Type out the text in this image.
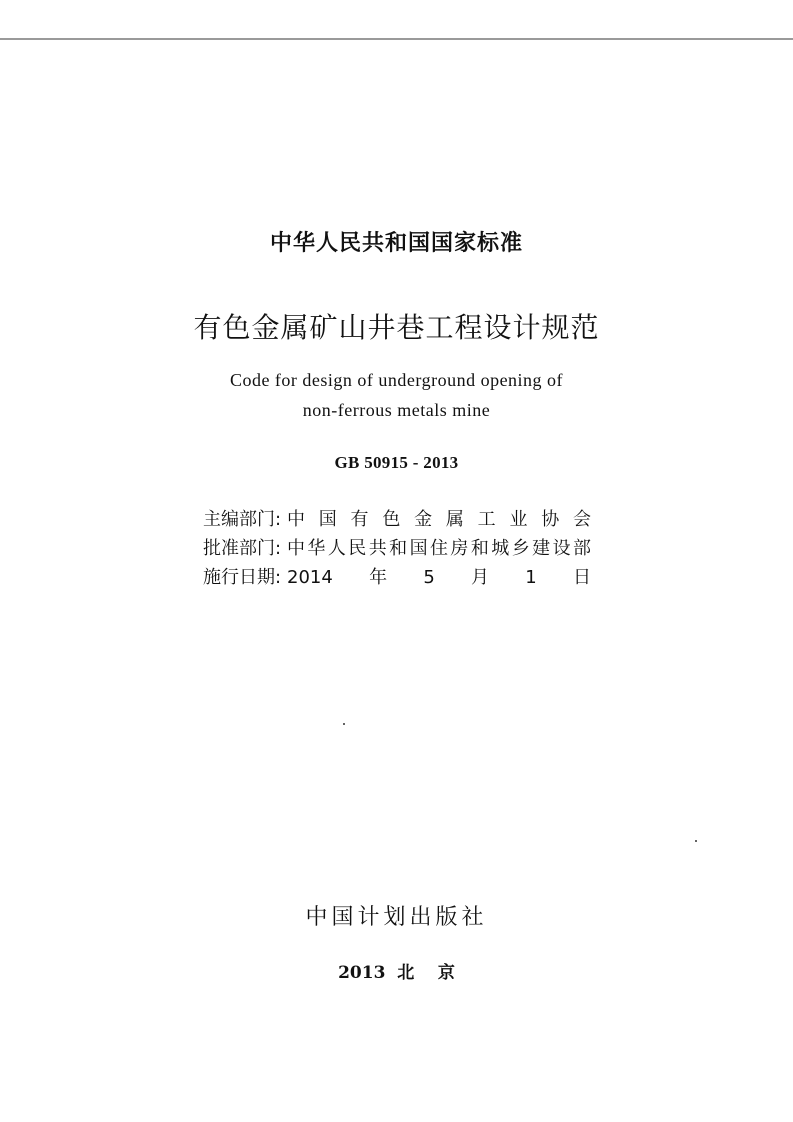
中华人民共和国国家标准
有色金属矿山井巷工程设计规范
Code for design of underground opening of
non-ferrous metals mine
GB 50915 - 2013
主编部门: 中国有色金属工业协会
批准部门: 中华人民共和国住房和城乡建设部
施行日期: 2014年5月1日
中国计划出版社
2013  北    京
